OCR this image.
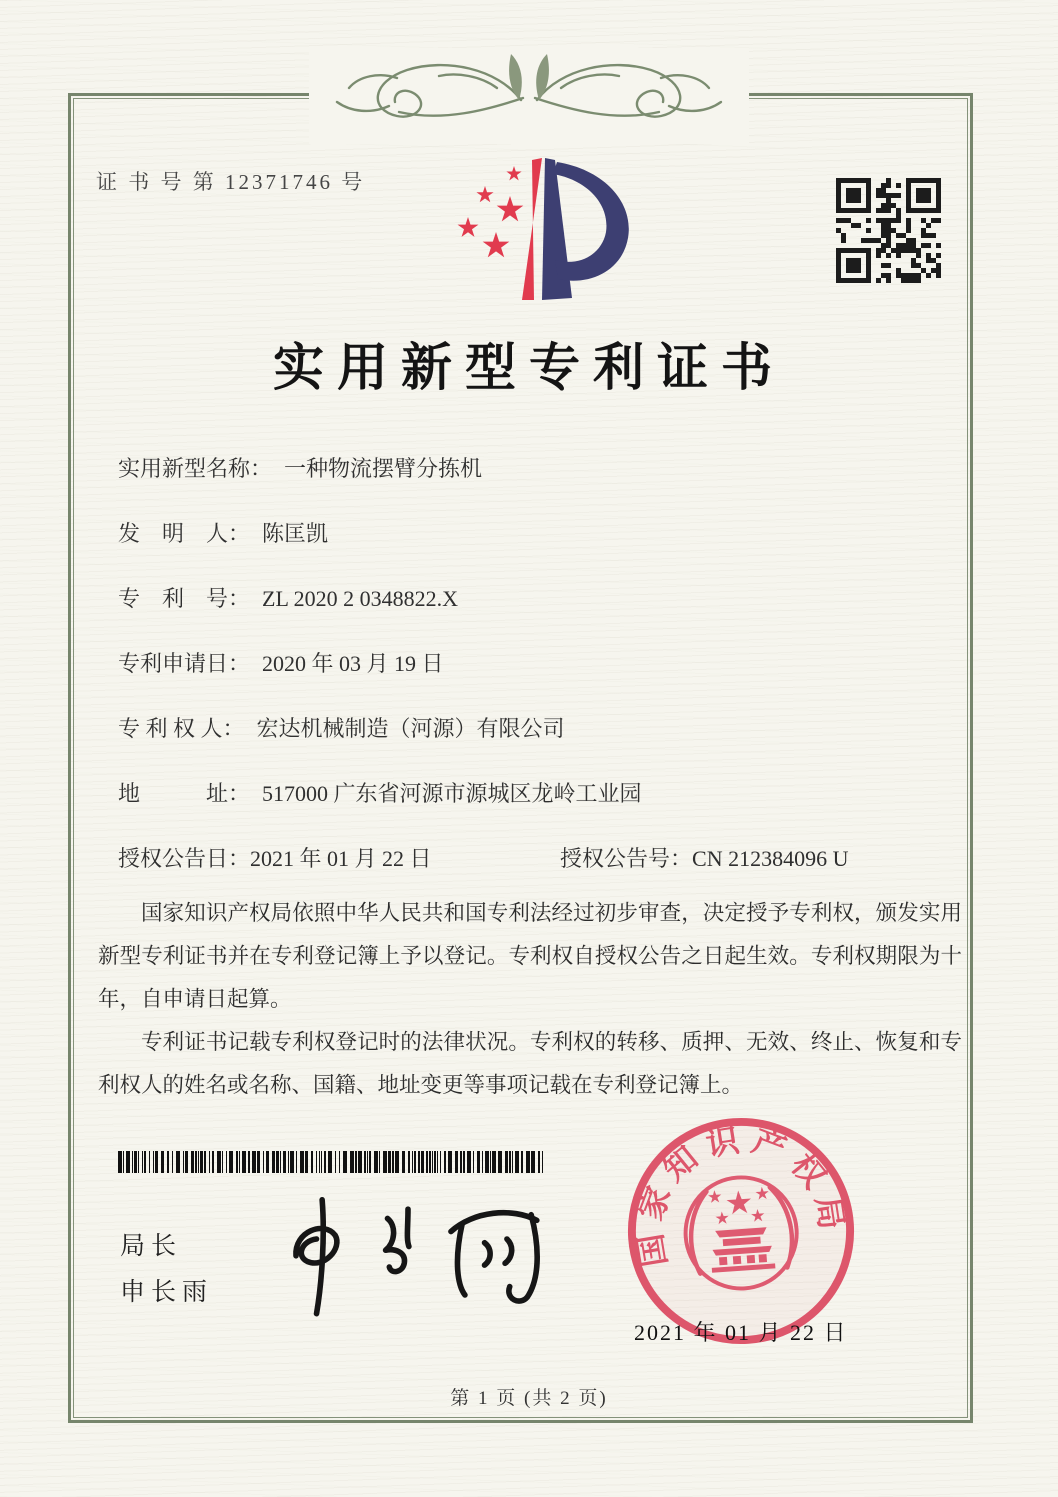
证 书 号 第 12371746 号
实用新型专利证书
实用新型名称： 一种物流摆臂分拣机
发　明　人： 陈匡凯
专　利　号： ZL 2020 2 0348822.X
专利申请日： 2020 年 03 月 19 日
专 利 权 人： 宏达机械制造（河源）有限公司
地　　　址： 517000 广东省河源市源城区龙岭工业园
授权公告日：2021 年 01 月 22 日	授权公告号：CN 212384096 U

国家知识产权局依照中华人民共和国专利法经过初步审查，决定授予专利权，颁发实用新型专利证书并在专利登记簿上予以登记。专利权自授权公告之日起生效。专利权期限为十年，自申请日起算。

专利证书记载专利权登记时的法律状况。专利权的转移、质押、无效、终止、恢复和专利权人的姓名或名称、国籍、地址变更等事项记载在专利登记簿上。

局长
申长雨
国家知识产权局
2021 年 01 月 22 日
第 1 页 (共 2 页)
